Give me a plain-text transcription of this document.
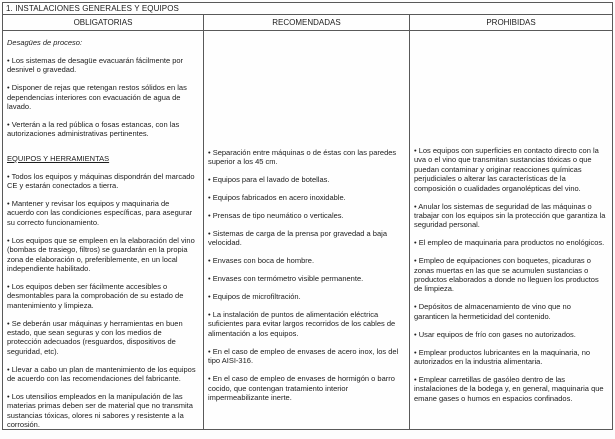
1. INSTALACIONES GENERALES Y EQUIPOS
OBLIGATORIAS	RECOMENDADAS	PROHIBIDAS

Desagües de proceso:

• Los sistemas de desagüe evacuarán fácilmente por desnivel o gravedad.

• Disponer de rejas que retengan restos sólidos en las dependencias interiores con evacuación de agua de lavado.

• Verterán a la red pública o fosas estancas, con las autorizaciones administrativas pertinentes.

EQUIPOS Y HERRAMIENTAS

• Todos los equipos y máquinas dispondrán del marcado CE y estarán conectados a tierra.

• Mantener y revisar los equipos y maquinaria de acuerdo con las condiciones específicas, para asegurar su correcto funcionamiento.

• Los equipos que se empleen en la elaboración del vino (bombas de trasiego, filtros) se guardarán en la propia zona de elaboración o, preferiblemente, en un local independiente habilitado.

• Los equipos deben ser fácilmente accesibles o desmontables para la comprobación de su estado de mantenimiento y limpieza.

• Se deberán usar máquinas y herramientas en buen estado, que sean seguras y con los medios de protección adecuados (resguardos, dispositivos de seguridad, etc).

• Llevar a cabo un plan de mantenimiento de los equipos de acuerdo con las recomendaciones del fabricante.

• Los utensilios empleados en la manipulación de las materias primas deben ser de material que no transmita sustancias tóxicas, olores ni sabores y resistente a la corrosión.

• Separación entre máquinas o de éstas con las paredes superior a los 45 cm.

• Equipos para el lavado de botellas.

• Equipos fabricados en acero inoxidable.

• Prensas de tipo neumático o verticales.

• Sistemas de carga de la prensa por gravedad a baja velocidad.

• Envases con boca de hombre.

• Envases con termómetro visible permanente.

• Equipos de microfiltración.

• La instalación de puntos de alimentación eléctrica suficientes para evitar largos recorridos de los cables de alimentación a los equipos.

• En el caso de empleo de envases de acero inox, los del tipo AISI-316.

• En el caso de empleo de envases de hormigón o barro cocido, que contengan tratamiento interior impermeabilizante inerte.

• Los equipos con superficies en contacto directo con la uva o el vino que transmitan sustancias tóxicas o que puedan contaminar y originar reacciones químicas perjudiciales o alterar las características de la composición o cualidades organolépticas del vino.

• Anular los sistemas de seguridad de las máquinas o trabajar con los equipos sin la protección que garantiza la seguridad personal.

• El empleo de maquinaria para productos no enológicos.

• Empleo de equipaciones con boquetes, picaduras o zonas muertas en las que se acumulen sustancias o productos elaborados a donde no lleguen los productos de limpieza.

• Depósitos de almacenamiento de vino que no garanticen la hermeticidad del contenido.

• Usar equipos de frío con gases no autorizados.

• Emplear productos lubricantes en la maquinaria, no autorizados en la industria alimentaria.

• Emplear carretillas de gasóleo dentro de las instalaciones de la bodega y, en general, maquinaria que emane gases o humos en espacios confinados.
